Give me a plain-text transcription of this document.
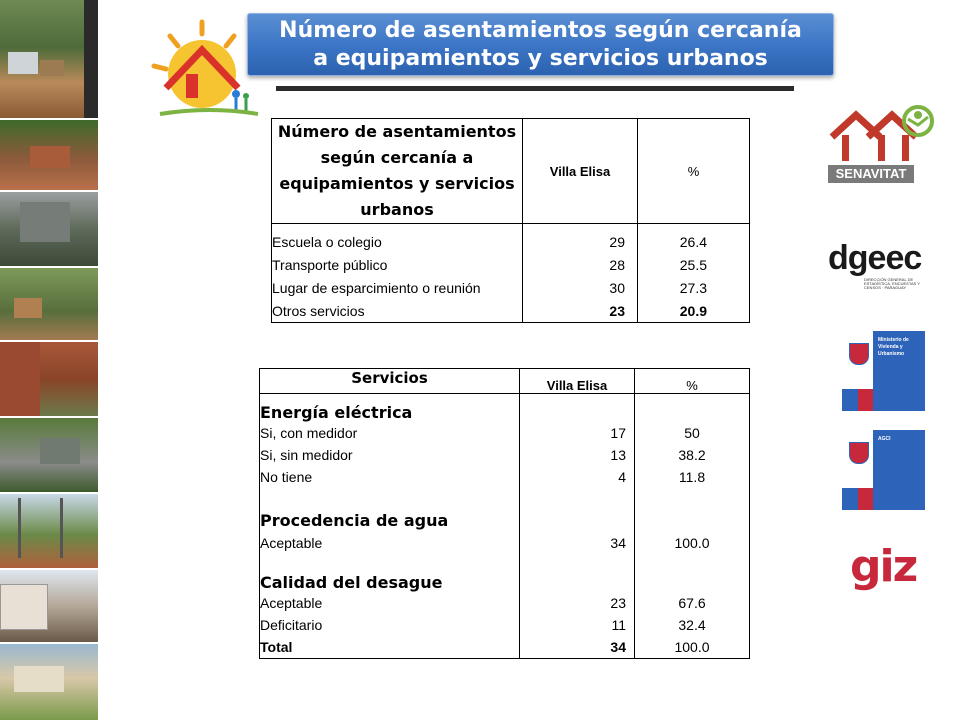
Número de asentamientos según cercanía
a equipamientos y servicios urbanos
Número de asentamientos según cercanía a equipamientos y servicios urbanos	Villa Elisa	%
Escuela o colegio	29	26.4
Transporte público	28	25.5
Lugar de esparcimiento o reunión	30	27.3
Otros servicios	23	20.9
Servicios	Villa Elisa	%
Energía eléctrica		
Si, con medidor	17	50
Si, sin medidor	13	38.2
No tiene	4	11.8
Procedencia de agua		
Aceptable	34	100.0
Calidad del desague		
Aceptable	23	67.6
Deficitario	11	32.4
Total	34	100.0
SENAVITAT
dgeec
DIRECCIÓN GENERAL DE ESTADÍSTICA, ENCUESTAS Y CENSOS · PARAGUAY
Ministerio de Vivienda y Urbanismo
AGCI
giz
